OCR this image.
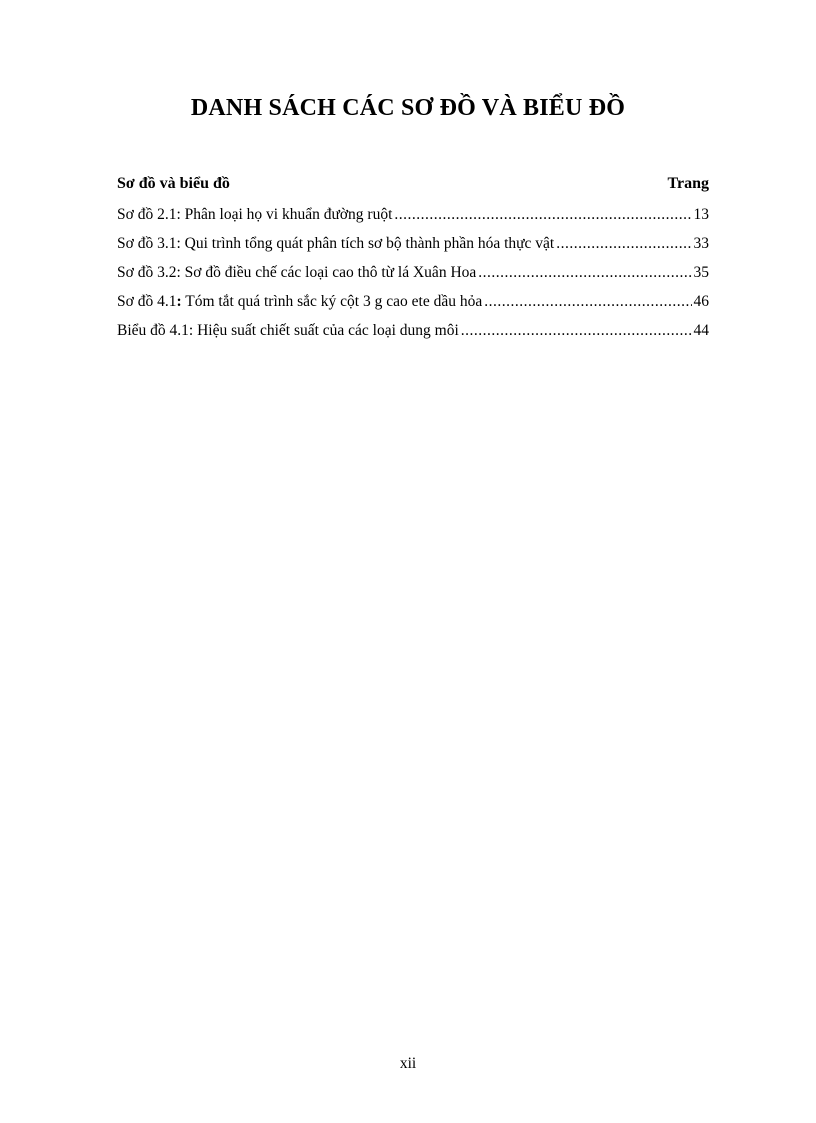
DANH SÁCH CÁC SƠ ĐỒ VÀ BIỂU ĐỒ
Sơ đồ và biểu đồ	Trang
Sơ đồ 2.1: Phân loại họ vi khuẩn đường ruột .....	13
Sơ đồ 3.1: Qui trình tổng quát phân tích sơ bộ thành phần hóa thực vật .....	33
Sơ đồ 3.2: Sơ đồ điều chế các loại cao thô từ lá Xuân Hoa .....	35
Sơ đồ 4.1: Tóm tắt quá trình sắc ký cột 3 g cao ete dầu hỏa .....	46
Biểu đồ 4.1: Hiệu suất chiết suất của các loại dung môi .....	44
xii
